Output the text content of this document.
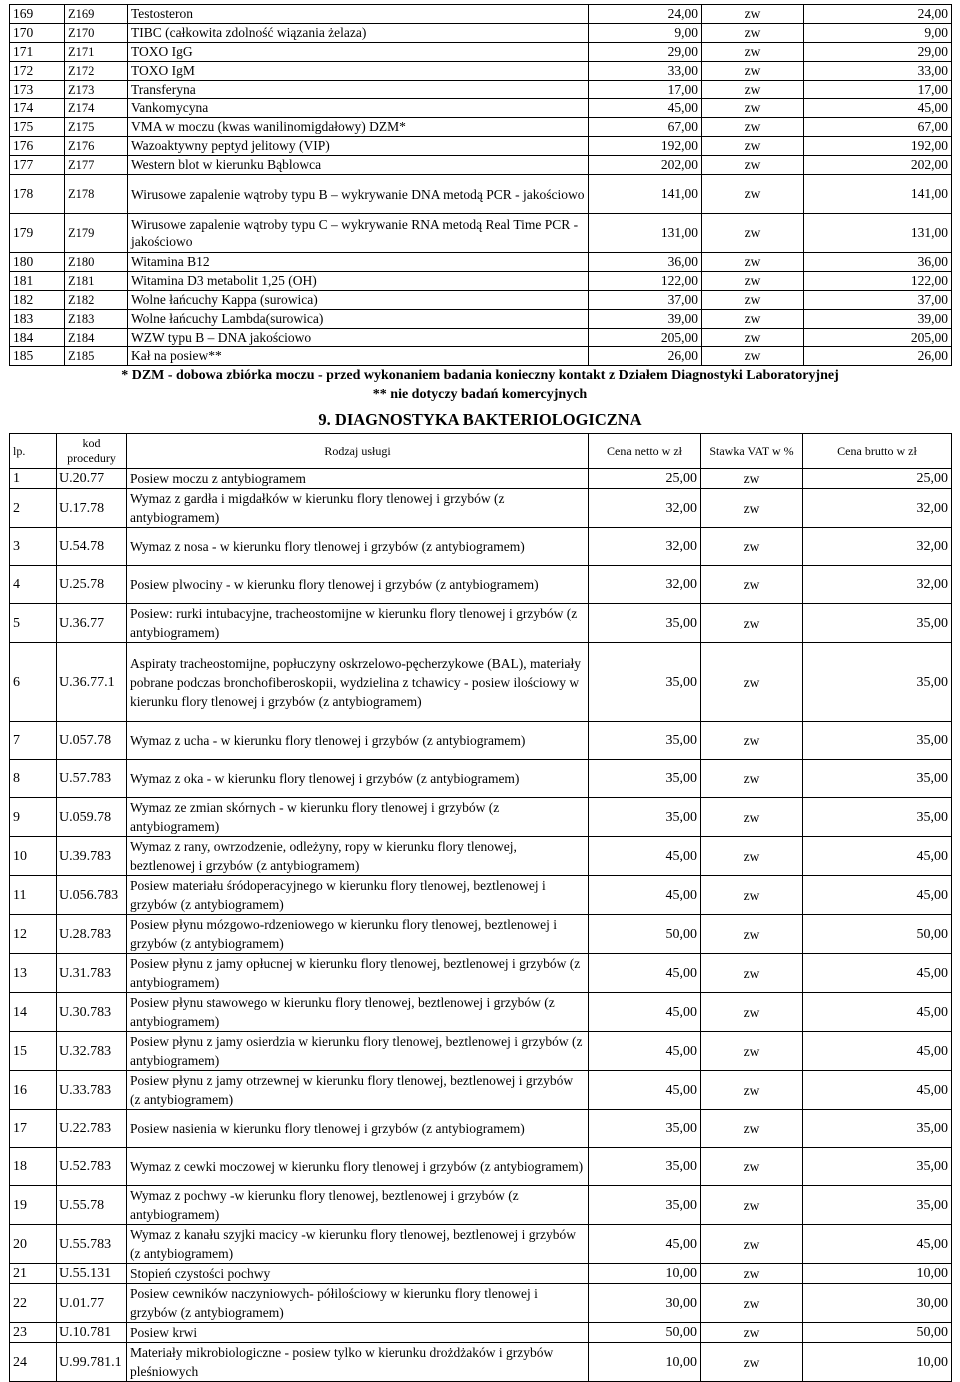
169	Z169	Testosteron	24,00	zw	24,00
170	Z170	TIBC (całkowita zdolność wiązania żelaza)	9,00	zw	9,00
171	Z171	TOXO IgG	29,00	zw	29,00
172	Z172	TOXO IgM	33,00	zw	33,00
173	Z173	Transferyna	17,00	zw	17,00
174	Z174	Vankomycyna	45,00	zw	45,00
175	Z175	VMA w moczu (kwas wanilinomigdałowy) DZM*	67,00	zw	67,00
176	Z176	Wazoaktywny peptyd jelitowy (VIP)	192,00	zw	192,00
177	Z177	Western blot w kierunku Bąblowca	202,00	zw	202,00
178	Z178	Wirusowe zapalenie wątroby typu B – wykrywanie DNA metodą PCR - jakościowo	141,00	zw	141,00
179	Z179	Wirusowe zapalenie wątroby typu C – wykrywanie RNA metodą Real Time PCR - jakościowo	131,00	zw	131,00
180	Z180	Witamina B12	36,00	zw	36,00
181	Z181	Witamina D3 metabolit 1,25 (OH)	122,00	zw	122,00
182	Z182	Wolne łańcuchy Kappa (surowica)	37,00	zw	37,00
183	Z183	Wolne łańcuchy Lambda(surowica)	39,00	zw	39,00
184	Z184	WZW typu B – DNA jakościowo	205,00	zw	205,00
185	Z185	Kał na posiew**	26,00	zw	26,00
* DZM - dobowa zbiórka moczu - przed wykonaniem badania konieczny kontakt z Działem Diagnostyki Laboratoryjnej
** nie dotyczy badań komercyjnych
9. DIAGNOSTYKA BAKTERIOLOGICZNA
lp.	kod procedury	Rodzaj usługi	Cena netto w zł	Stawka VAT w %	Cena brutto w zł
1	U.20.77	Posiew moczu z antybiogramem	25,00	zw	25,00
2	U.17.78	Wymaz z gardła i migdałków w kierunku flory tlenowej i grzybów (z antybiogramem)	32,00	zw	32,00
3	U.54.78	Wymaz z nosa - w kierunku flory tlenowej i grzybów (z antybiogramem)	32,00	zw	32,00
4	U.25.78	Posiew plwociny - w kierunku flory tlenowej i grzybów (z antybiogramem)	32,00	zw	32,00
5	U.36.77	Posiew: rurki intubacyjne, tracheostomijne w kierunku flory tlenowej i grzybów (z antybiogramem)	35,00	zw	35,00
6	U.36.77.1	Aspiraty tracheostomijne, popłuczyny oskrzelowo-pęcherzykowe (BAL), materiały pobrane podczas bronchofiberoskopii, wydzielina z tchawicy - posiew ilościowy w kierunku flory tlenowej i grzybów (z antybiogramem)	35,00	zw	35,00
7	U.057.78	Wymaz z ucha - w kierunku flory tlenowej i grzybów (z antybiogramem)	35,00	zw	35,00
8	U.57.783	Wymaz z oka - w kierunku flory tlenowej i grzybów (z antybiogramem)	35,00	zw	35,00
9	U.059.78	Wymaz ze zmian skórnych - w kierunku flory tlenowej i grzybów (z antybiogramem)	35,00	zw	35,00
10	U.39.783	Wymaz z rany, owrzodzenie, odleżyny, ropy w kierunku flory tlenowej, beztlenowej i grzybów (z antybiogramem)	45,00	zw	45,00
11	U.056.783	Posiew materiału śródoperacyjnego w kierunku flory tlenowej, beztlenowej i grzybów (z antybiogramem)	45,00	zw	45,00
12	U.28.783	Posiew płynu mózgowo-rdzeniowego w kierunku flory tlenowej, beztlenowej i grzybów (z antybiogramem)	50,00	zw	50,00
13	U.31.783	Posiew płynu z jamy opłucnej w kierunku flory tlenowej, beztlenowej i grzybów (z antybiogramem)	45,00	zw	45,00
14	U.30.783	Posiew płynu stawowego w kierunku flory tlenowej, beztlenowej i grzybów (z antybiogramem)	45,00	zw	45,00
15	U.32.783	Posiew płynu z jamy osierdzia w kierunku flory tlenowej, beztlenowej i grzybów (z antybiogramem)	45,00	zw	45,00
16	U.33.783	Posiew płynu z jamy otrzewnej w kierunku flory tlenowej, beztlenowej i grzybów (z antybiogramem)	45,00	zw	45,00
17	U.22.783	Posiew nasienia w kierunku flory tlenowej i grzybów (z antybiogramem)	35,00	zw	35,00
18	U.52.783	Wymaz z cewki moczowej w kierunku flory tlenowej i grzybów (z antybiogramem)	35,00	zw	35,00
19	U.55.78	Wymaz z pochwy -w kierunku flory tlenowej, beztlenowej i grzybów (z antybiogramem)	35,00	zw	35,00
20	U.55.783	Wymaz z kanału szyjki macicy -w kierunku flory tlenowej, beztlenowej i grzybów (z antybiogramem)	45,00	zw	45,00
21	U.55.131	Stopień czystości pochwy	10,00	zw	10,00
22	U.01.77	Posiew cewników naczyniowych- półilościowy w kierunku flory tlenowej i grzybów (z antybiogramem)	30,00	zw	30,00
23	U.10.781	Posiew krwi	50,00	zw	50,00
24	U.99.781.1	Materiały mikrobiologiczne - posiew tylko w kierunku drożdżaków i grzybów pleśniowych	10,00	zw	10,00
